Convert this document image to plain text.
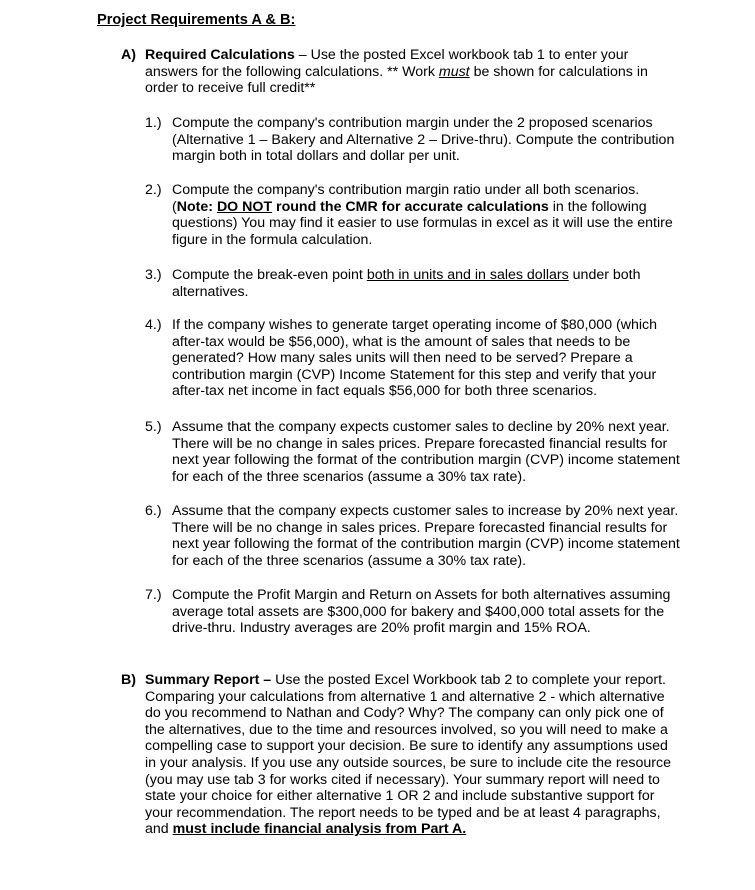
Project Requirements A & B:
A) Required Calculations – Use the posted Excel workbook tab 1 to enter your answers for the following calculations. ** Work must be shown for calculations in order to receive full credit**
1.) Compute the company's contribution margin under the 2 proposed scenarios (Alternative 1 – Bakery and Alternative 2 – Drive-thru). Compute the contribution margin both in total dollars and dollar per unit.
2.) Compute the company's contribution margin ratio under all both scenarios. (Note: DO NOT round the CMR for accurate calculations in the following questions) You may find it easier to use formulas in excel as it will use the entire figure in the formula calculation.
3.) Compute the break-even point both in units and in sales dollars under both alternatives.
4.) If the company wishes to generate target operating income of $80,000 (which after-tax would be $56,000), what is the amount of sales that needs to be generated? How many sales units will then need to be served? Prepare a contribution margin (CVP) Income Statement for this step and verify that your after-tax net income in fact equals $56,000 for both three scenarios.
5.) Assume that the company expects customer sales to decline by 20% next year. There will be no change in sales prices. Prepare forecasted financial results for next year following the format of the contribution margin (CVP) income statement for each of the three scenarios (assume a 30% tax rate).
6.) Assume that the company expects customer sales to increase by 20% next year. There will be no change in sales prices. Prepare forecasted financial results for next year following the format of the contribution margin (CVP) income statement for each of the three scenarios (assume a 30% tax rate).
7.) Compute the Profit Margin and Return on Assets for both alternatives assuming average total assets are $300,000 for bakery and $400,000 total assets for the drive-thru. Industry averages are 20% profit margin and 15% ROA.
B) Summary Report – Use the posted Excel Workbook tab 2 to complete your report. Comparing your calculations from alternative 1 and alternative 2 - which alternative do you recommend to Nathan and Cody? Why? The company can only pick one of the alternatives, due to the time and resources involved, so you will need to make a compelling case to support your decision. Be sure to identify any assumptions used in your analysis. If you use any outside sources, be sure to include cite the resource (you may use tab 3 for works cited if necessary). Your summary report will need to state your choice for either alternative 1 OR 2 and include substantive support for your recommendation. The report needs to be typed and be at least 4 paragraphs, and must include financial analysis from Part A.
